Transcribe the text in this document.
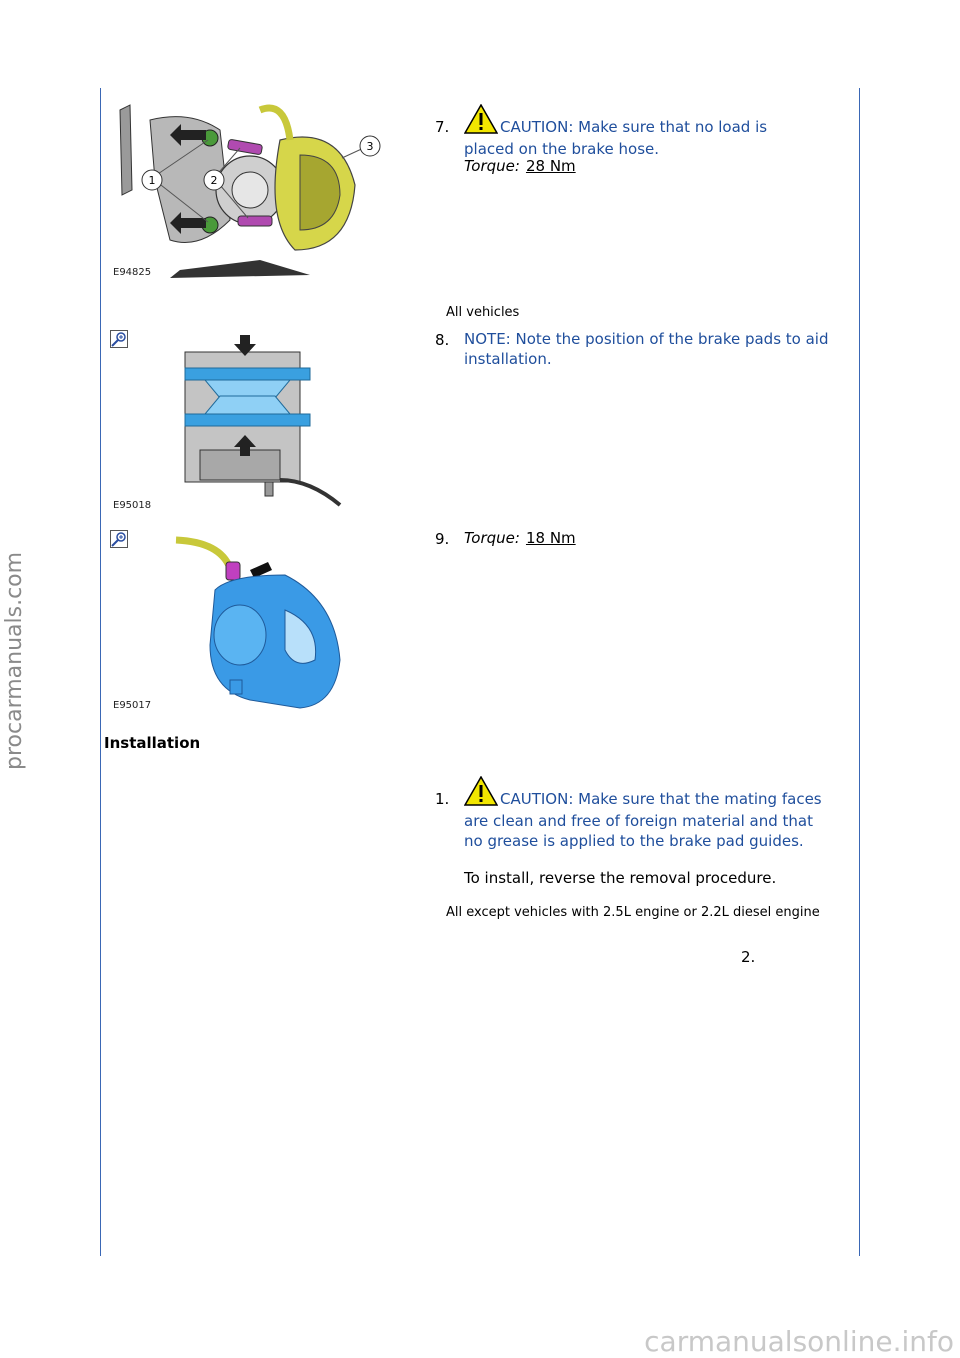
procarmanuals.com
1	2
3
E94825
7.	CAUTION: Make sure that no load is placed on the brake hose.
Torque: 28 Nm
All vehicles
E95018
8. NOTE: Note the position of the brake pads to aid installation.
E95017
9. Torque: 18 Nm
Installation
1.	CAUTION: Make sure that the mating faces are clean and free of foreign material and that no grease is applied to the brake pad guides.
To install, reverse the removal procedure.
All except vehicles with 2.5L engine or 2.2L diesel engine
2.
carmanualsonline.info
